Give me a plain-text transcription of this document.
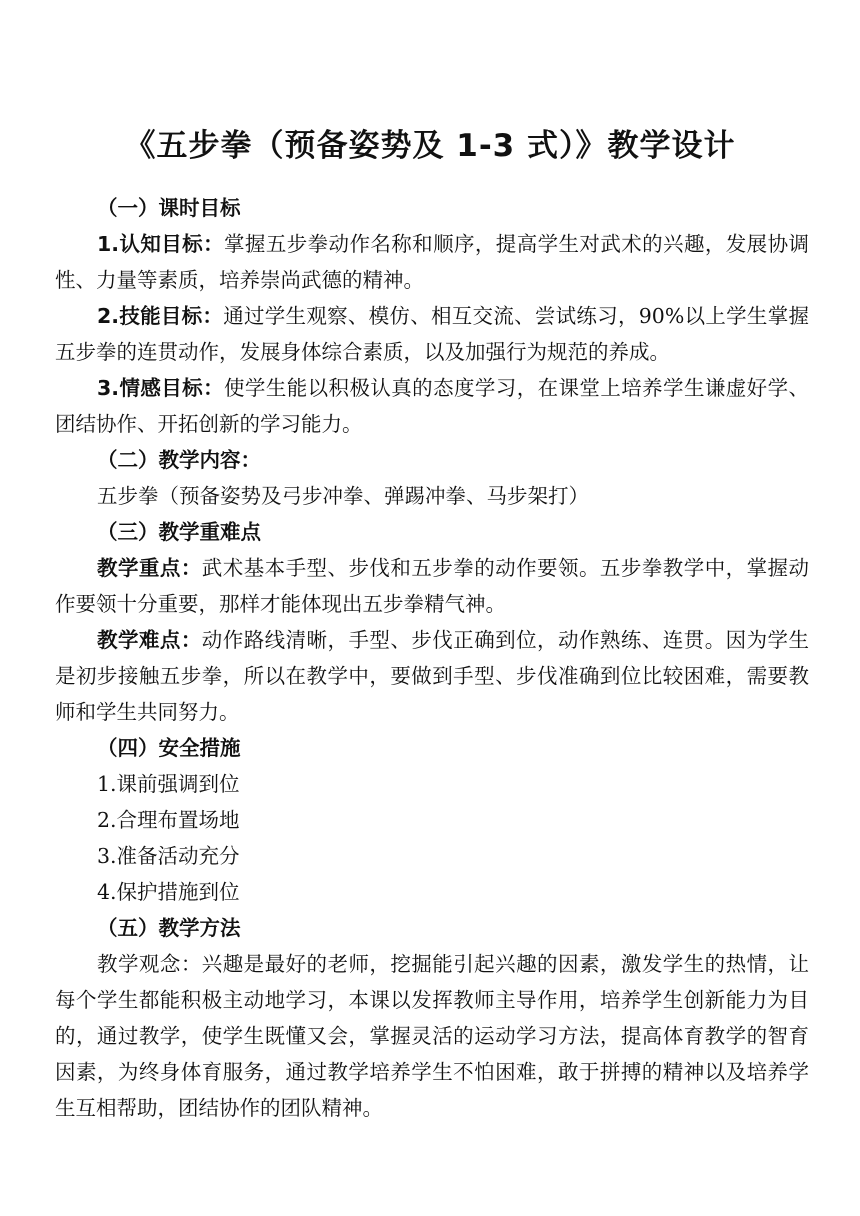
《五步拳（预备姿势及 1-3 式）》教学设计

（一）课时目标

1.认知目标：掌握五步拳动作名称和顺序，提高学生对武术的兴趣，发展协调性、力量等素质，培养崇尚武德的精神。

2.技能目标：通过学生观察、模仿、相互交流、尝试练习，90%以上学生掌握五步拳的连贯动作，发展身体综合素质，以及加强行为规范的养成。

3.情感目标：使学生能以积极认真的态度学习，在课堂上培养学生谦虚好学、团结协作、开拓创新的学习能力。

（二）教学内容：

五步拳（预备姿势及弓步冲拳、弹踢冲拳、马步架打）

（三）教学重难点

教学重点：武术基本手型、步伐和五步拳的动作要领。五步拳教学中，掌握动作要领十分重要，那样才能体现出五步拳精气神。

教学难点：动作路线清晰，手型、步伐正确到位，动作熟练、连贯。因为学生是初步接触五步拳，所以在教学中，要做到手型、步伐准确到位比较困难，需要教师和学生共同努力。

（四）安全措施

1.课前强调到位

2.合理布置场地

3.准备活动充分

4.保护措施到位

（五）教学方法

教学观念：兴趣是最好的老师，挖掘能引起兴趣的因素，激发学生的热情，让每个学生都能积极主动地学习，本课以发挥教师主导作用，培养学生创新能力为目的，通过教学，使学生既懂又会，掌握灵活的运动学习方法，提高体育教学的智育因素，为终身体育服务，通过教学培养学生不怕困难，敢于拼搏的精神以及培养学生互相帮助，团结协作的团队精神。
